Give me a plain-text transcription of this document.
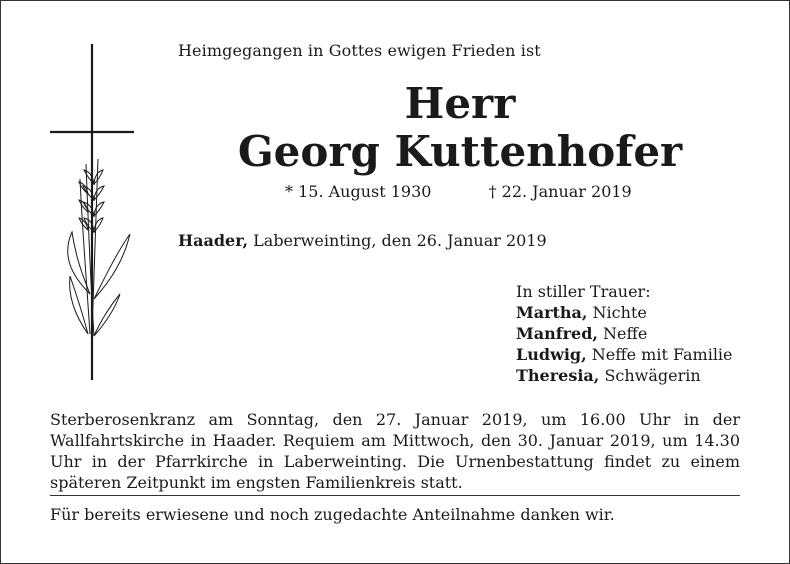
Heimgegangen in Gottes ewigen Frieden ist
Herr
Georg Kuttenhofer
* 15. August 1930	† 22. Januar 2019
Haader, Laberweinting, den 26. Januar 2019
In stiller Trauer:
Martha, Nichte
Manfred, Neffe
Ludwig, Neffe mit Familie
Theresia, Schwägerin
Sterberosenkranz am Sonntag, den 27. Januar 2019, um 16.00 Uhr in der Wallfahrtskirche in Haader. Requiem am Mittwoch, den 30. Januar 2019, um 14.30 Uhr in der Pfarrkirche in Laberweinting. Die Urnenbestattung findet zu einem späteren Zeitpunkt im engsten Familienkreis statt.
Für bereits erwiesene und noch zugedachte Anteilnahme danken wir.
